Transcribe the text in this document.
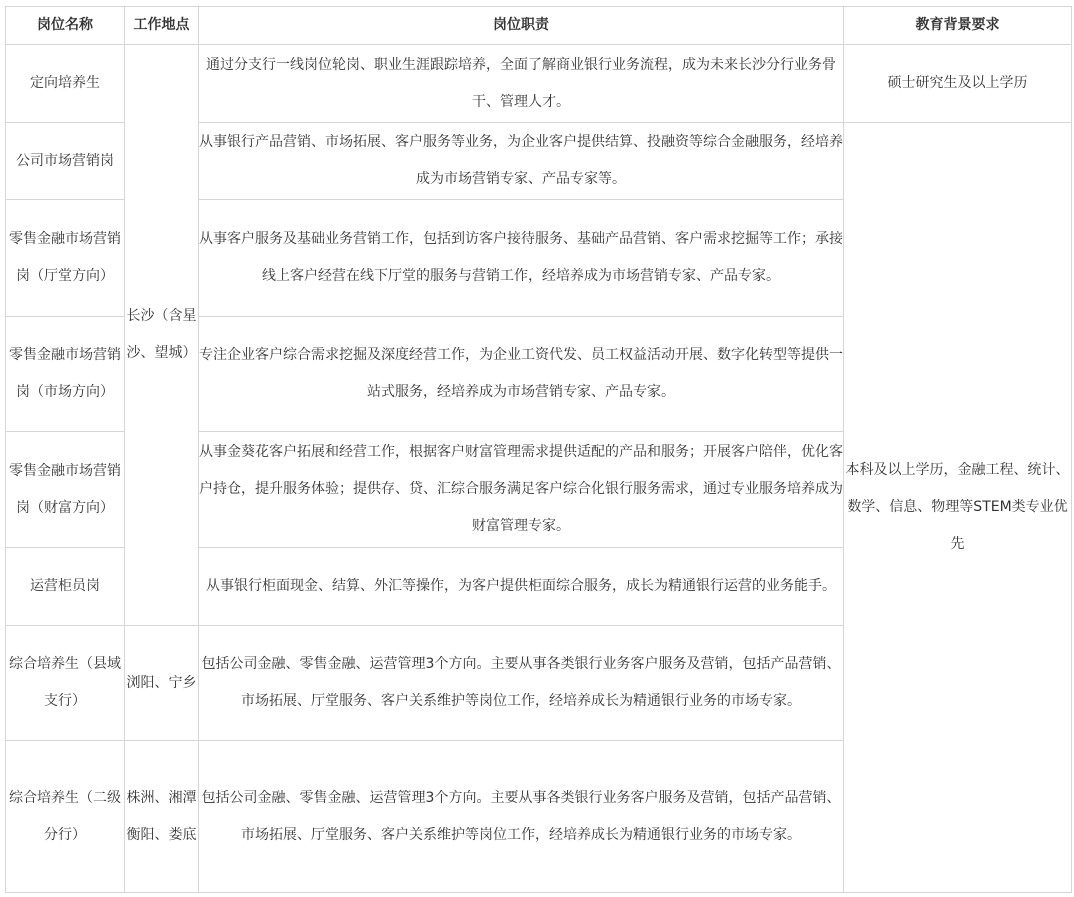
岗位名称	工作地点	岗位职责	教育背景要求
定向培养生	长沙（含星沙、望城）	通过分支行一线岗位轮岗、职业生涯跟踪培养，全面了解商业银行业务流程，成为未来长沙分行业务骨干、管理人才。	硕士研究生及以上学历
公司市场营销岗		从事银行产品营销、市场拓展、客户服务等业务，为企业客户提供结算、投融资等综合金融服务，经培养成为市场营销专家、产品专家等。	本科及以上学历，金融工程、统计、数学、信息、物理等STEM类专业优先
零售金融市场营销岗（厅堂方向）		从事客户服务及基础业务营销工作，包括到访客户接待服务、基础产品营销、客户需求挖掘等工作；承接线上客户经营在线下厅堂的服务与营销工作，经培养成为市场营销专家、产品专家。	
零售金融市场营销岗（市场方向）		专注企业客户综合需求挖掘及深度经营工作，为企业工资代发、员工权益活动开展、数字化转型等提供一站式服务，经培养成为市场营销专家、产品专家。	
零售金融市场营销岗（财富方向）		从事金葵花客户拓展和经营工作，根据客户财富管理需求提供适配的产品和服务；开展客户陪伴，优化客户持仓，提升服务体验；提供存、贷、汇综合服务满足客户综合化银行服务需求，通过专业服务培养成为财富管理专家。	
运营柜员岗		从事银行柜面现金、结算、外汇等操作，为客户提供柜面综合服务，成长为精通银行运营的业务能手。	
综合培养生（县域支行）	浏阳、宁乡	包括公司金融、零售金融、运营管理3个方向。主要从事各类银行业务客户服务及营销，包括产品营销、市场拓展、厅堂服务、客户关系维护等岗位工作，经培养成长为精通银行业务的市场专家。	
综合培养生（二级分行）	株洲、湘潭衡阳、娄底	包括公司金融、零售金融、运营管理3个方向。主要从事各类银行业务客户服务及营销，包括产品营销、市场拓展、厅堂服务、客户关系维护等岗位工作，经培养成长为精通银行业务的市场专家。	
